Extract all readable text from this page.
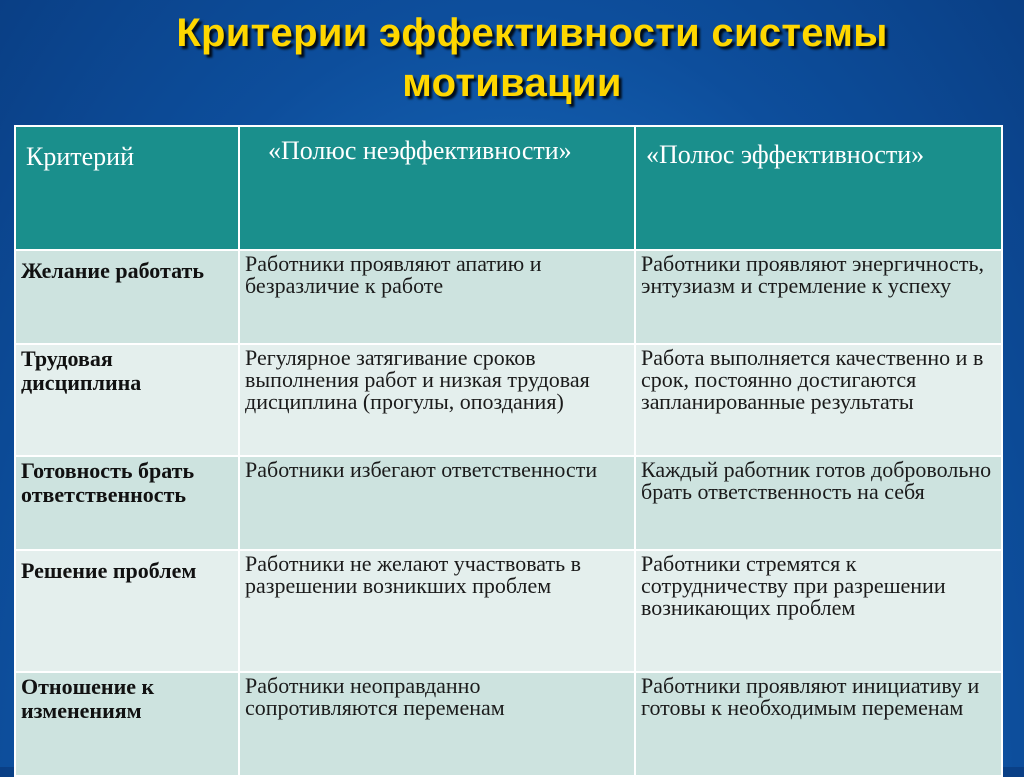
Критерии эффективности системы
мотивации
Критерий	«Полюс неэффективности»	«Полюс эффективности»
Желание работать	Работники проявляют апатию и безразличие к работе	Работники проявляют энергичность, энтузиазм и стремление к успеху
Трудовая дисциплина	Регулярное затягивание сроков выполнения работ и низкая трудовая дисциплина (прогулы, опоздания)	Работа выполняется качественно и в срок, постоянно достигаются запланированные результаты
Готовность брать ответственность	Работники избегают ответственности	Каждый работник готов добровольно брать ответственность на себя
Решение проблем	Работники не желают участвовать в разрешении возникших проблем	Работники стремятся к сотрудничеству при разрешении возникающих проблем
Отношение к изменениям	Работники неоправданно сопротивляются переменам	Работники проявляют инициативу и готовы к необходимым переменам
